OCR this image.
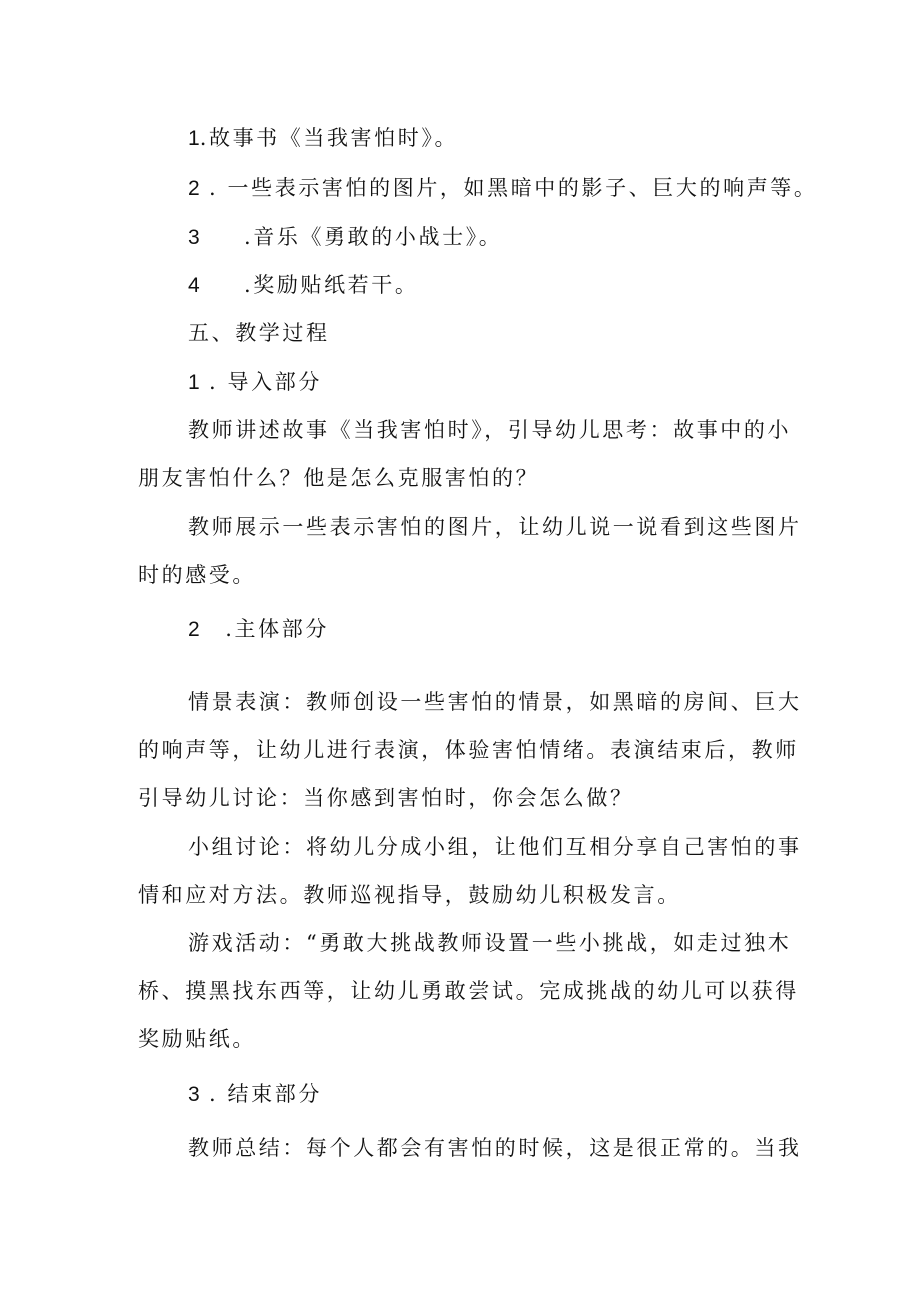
1.故事书《当我害怕时》。
2 . 一些表示害怕的图片，如黑暗中的影子、巨大的响声等。
3 .音乐《勇敢的小战士》。
4 .奖励贴纸若干。
五、教学过程
1 . 导入部分
教师讲述故事《当我害怕时》，引导幼儿思考：故事中的小
朋友害怕什么？他是怎么克服害怕的？
教师展示一些表示害怕的图片，让幼儿说一说看到这些图片
时的感受。
2 .主体部分
情景表演：教师创设一些害怕的情景，如黑暗的房间、巨大
的响声等，让幼儿进行表演，体验害怕情绪。表演结束后，教师
引导幼儿讨论：当你感到害怕时，你会怎么做？
小组讨论：将幼儿分成小组，让他们互相分享自己害怕的事
情和应对方法。教师巡视指导，鼓励幼儿积极发言。
游戏活动：“勇敢大挑战教师设置一些小挑战，如走过独木
桥、摸黑找东西等，让幼儿勇敢尝试。完成挑战的幼儿可以获得
奖励贴纸。
3 . 结束部分
教师总结：每个人都会有害怕的时候，这是很正常的。当我
